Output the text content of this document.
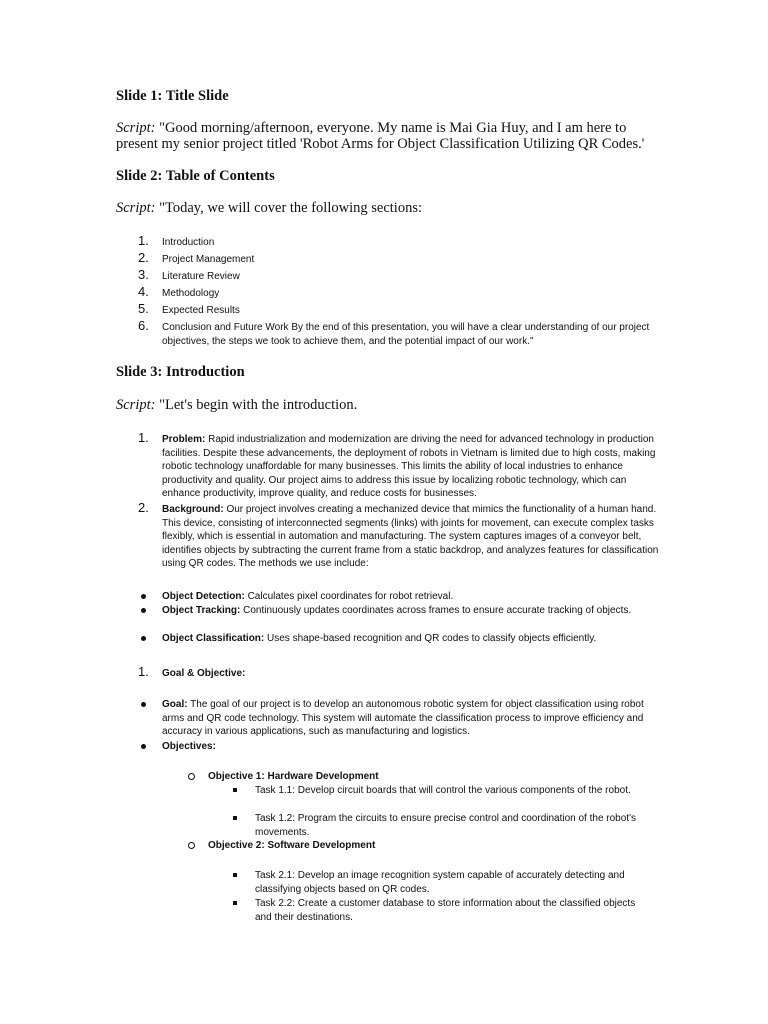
Slide 1: Title Slide
Script: "Good morning/afternoon, everyone. My name is Mai Gia Huy, and I am here to present my senior project titled 'Robot Arms for Object Classification Utilizing QR Codes.'
Slide 2: Table of Contents
Script: "Today, we will cover the following sections:
1. Introduction
2. Project Management
3. Literature Review
4. Methodology
5. Expected Results
6. Conclusion and Future Work By the end of this presentation, you will have a clear understanding of our project objectives, the steps we took to achieve them, and the potential impact of our work."
Slide 3: Introduction
Script: "Let's begin with the introduction.
1. Problem: Rapid industrialization and modernization are driving the need for advanced technology in production facilities. Despite these advancements, the deployment of robots in Vietnam is limited due to high costs, making robotic technology unaffordable for many businesses. This limits the ability of local industries to enhance productivity and quality. Our project aims to address this issue by localizing robotic technology, which can enhance productivity, improve quality, and reduce costs for businesses.
2. Background: Our project involves creating a mechanized device that mimics the functionality of a human hand. This device, consisting of interconnected segments (links) with joints for movement, can execute complex tasks flexibly, which is essential in automation and manufacturing. The system captures images of a conveyor belt, identifies objects by subtracting the current frame from a static backdrop, and analyzes features for classification using QR codes. The methods we use include:
Object Detection: Calculates pixel coordinates for robot retrieval.
Object Tracking: Continuously updates coordinates across frames to ensure accurate tracking of objects.
Object Classification: Uses shape-based recognition and QR codes to classify objects efficiently.
1. Goal & Objective:
Goal: The goal of our project is to develop an autonomous robotic system for object classification using robot arms and QR code technology. This system will automate the classification process to improve efficiency and accuracy in various applications, such as manufacturing and logistics.
Objectives:
Objective 1: Hardware Development
Task 1.1: Develop circuit boards that will control the various components of the robot.
Task 1.2: Program the circuits to ensure precise control and coordination of the robot's movements.
Objective 2: Software Development
Task 2.1: Develop an image recognition system capable of accurately detecting and classifying objects based on QR codes.
Task 2.2: Create a customer database to store information about the classified objects and their destinations.
